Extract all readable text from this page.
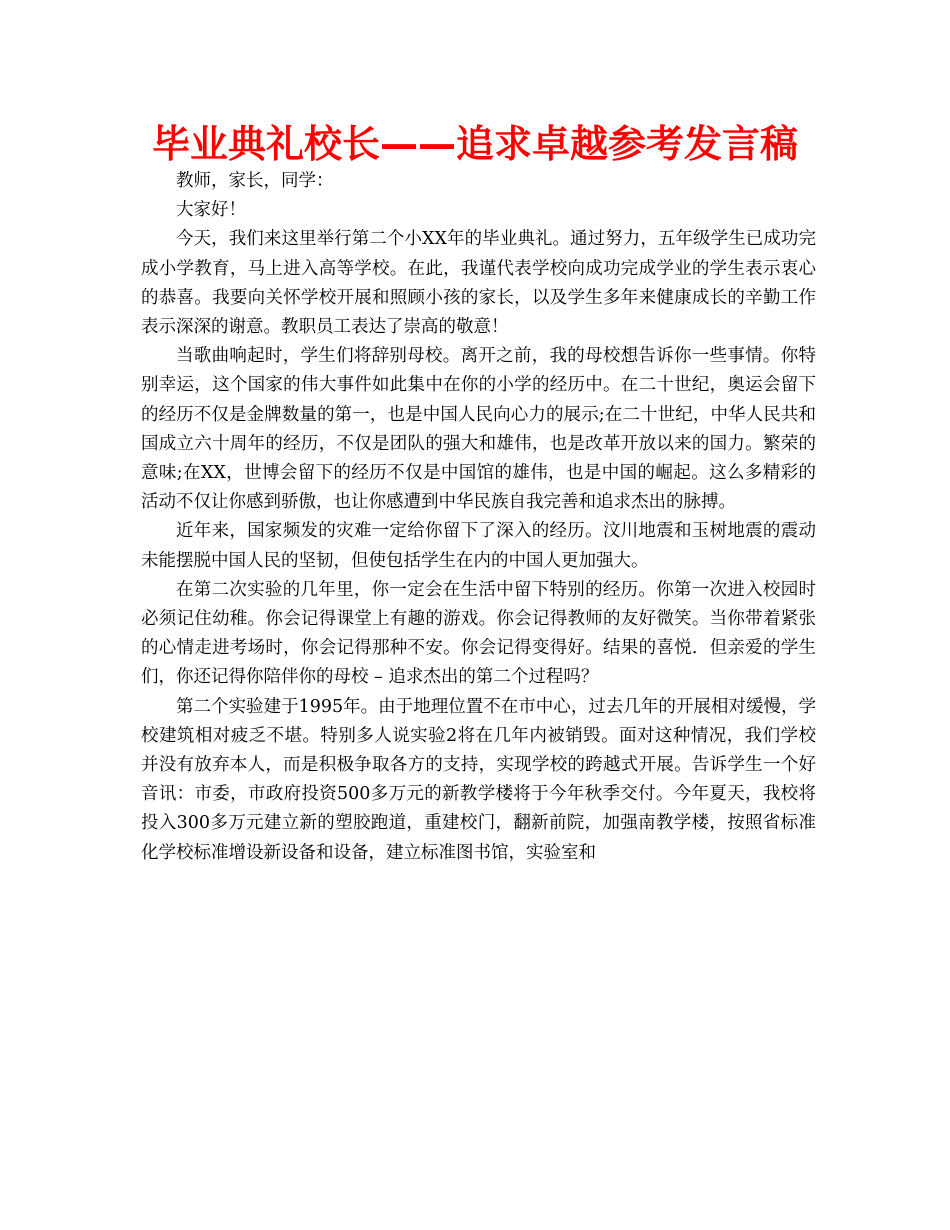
毕业典礼校长——追求卓越参考发言稿

教师，家长，同学：

大家好！

今天，我们来这里举行第二个小XX年的毕业典礼。通过努力，五年级学生已成功完成小学教育，马上进入高等学校。在此，我谨代表学校向成功完成学业的学生表示衷心的恭喜。我要向关怀学校开展和照顾小孩的家长，以及学生多年来健康成长的辛勤工作表示深深的谢意。教职员工表达了崇高的敬意！

当歌曲响起时，学生们将辞别母校。离开之前，我的母校想告诉你一些事情。你特别幸运，这个国家的伟大事件如此集中在你的小学的经历中。在二十世纪，奥运会留下的经历不仅是金牌数量的第一，也是中国人民向心力的展示;在二十世纪，中华人民共和国成立六十周年的经历，不仅是团队的强大和雄伟，也是改革开放以来的国力。繁荣的意味;在XX，世博会留下的经历不仅是中国馆的雄伟，也是中国的崛起。这么多精彩的活动不仅让你感到骄傲，也让你感遭到中华民族自我完善和追求杰出的脉搏。

近年来，国家频发的灾难一定给你留下了深入的经历。汶川地震和玉树地震的震动未能摆脱中国人民的坚韧，但使包括学生在内的中国人更加强大。

在第二次实验的几年里，你一定会在生活中留下特别的经历。你第一次进入校园时必须记住幼稚。你会记得课堂上有趣的游戏。你会记得教师的友好微笑。当你带着紧张的心情走进考场时，你会记得那种不安。你会记得变得好。结果的喜悦．但亲爱的学生们，你还记得你陪伴你的母校 – 追求杰出的第二个过程吗？

第二个实验建于1995年。由于地理位置不在市中心，过去几年的开展相对缓慢，学校建筑相对疲乏不堪。特别多人说实验2将在几年内被销毁。面对这种情况，我们学校并没有放弃本人，而是积极争取各方的支持，实现学校的跨越式开展。告诉学生一个好音讯：市委，市政府投资500多万元的新教学楼将于今年秋季交付。今年夏天，我校将投入300多万元建立新的塑胶跑道，重建校门，翻新前院，加强南教学楼，按照省标准化学校标准增设新设备和设备，建立标准图书馆，实验室和
